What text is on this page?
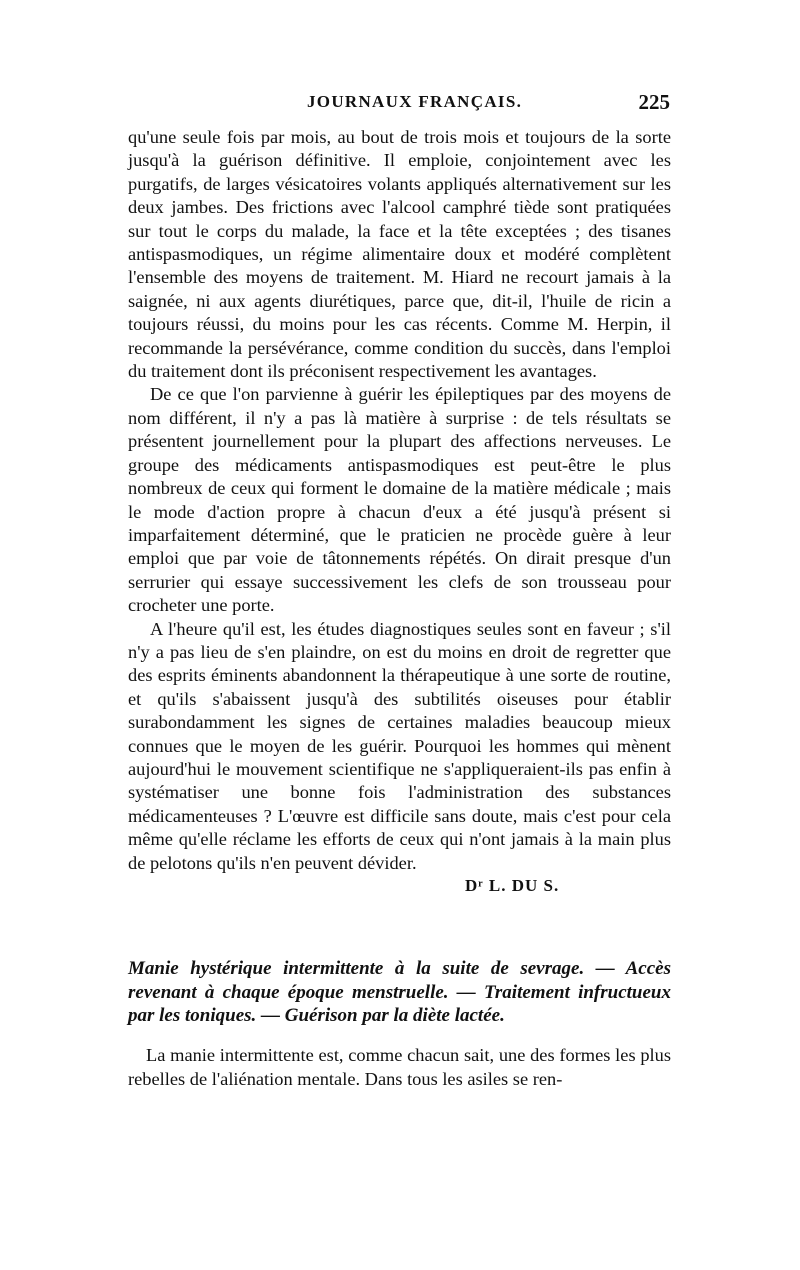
JOURNAUX FRANÇAIS.	225

qu'une seule fois par mois, au bout de trois mois et toujours de la sorte jusqu'à la guérison définitive. Il emploie, conjointement avec les purgatifs, de larges vésicatoires volants appliqués alternativement sur les deux jambes. Des frictions avec l'alcool camphré tiède sont pratiquées sur tout le corps du malade, la face et la tête exceptées ; des tisanes antispasmodiques, un régime alimentaire doux et modéré complètent l'ensemble des moyens de traitement. M. Hiard ne recourt jamais à la saignée, ni aux agents diurétiques, parce que, dit-il, l'huile de ricin a toujours réussi, du moins pour les cas récents. Comme M. Herpin, il recommande la persévérance, comme condition du succès, dans l'emploi du traitement dont ils préconisent respectivement les avantages.

De ce que l'on parvienne à guérir les épileptiques par des moyens de nom différent, il n'y a pas là matière à surprise : de tels résultats se présentent journellement pour la plupart des affections nerveuses. Le groupe des médicaments antispasmodiques est peut-être le plus nombreux de ceux qui forment le domaine de la matière médicale ; mais le mode d'action propre à chacun d'eux a été jusqu'à présent si imparfaitement déterminé, que le praticien ne procède guère à leur emploi que par voie de tâtonnements répétés. On dirait presque d'un serrurier qui essaye successivement les clefs de son trousseau pour crocheter une porte.

A l'heure qu'il est, les études diagnostiques seules sont en faveur ; s'il n'y a pas lieu de s'en plaindre, on est du moins en droit de regretter que des esprits éminents abandonnent la thérapeutique à une sorte de routine, et qu'ils s'abaissent jusqu'à des subtilités oiseuses pour établir surabondamment les signes de certaines maladies beaucoup mieux connues que le moyen de les guérir. Pourquoi les hommes qui mènent aujourd'hui le mouvement scientifique ne s'appliqueraient-ils pas enfin à systématiser une bonne fois l'administration des substances médicamenteuses ? L'œuvre est difficile sans doute, mais c'est pour cela même qu'elle réclame les efforts de ceux qui n'ont jamais à la main plus de pelotons qu'ils n'en peuvent dévider.

Dʳ L. DU S.
Manie hystérique intermittente à la suite de sevrage. — Accès revenant à chaque époque menstruelle. — Traitement infructueux par les toniques. — Guérison par la diète lactée.
La manie intermittente est, comme chacun sait, une des formes les plus rebelles de l'aliénation mentale. Dans tous les asiles se ren-
